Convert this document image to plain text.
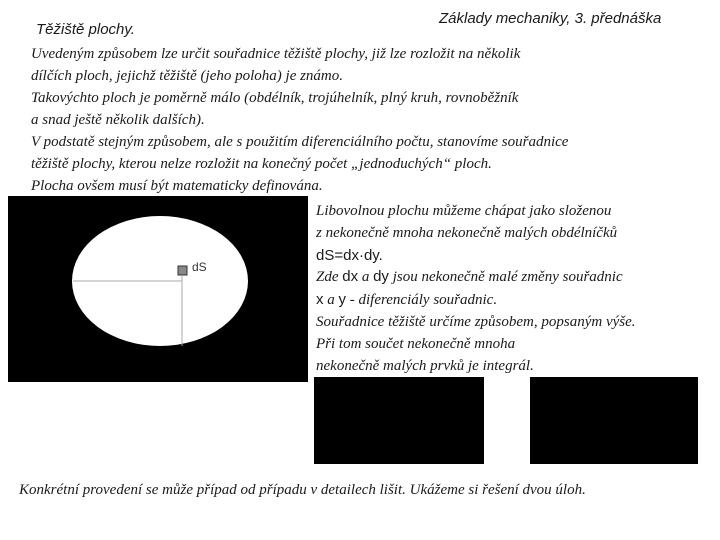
Základy mechaniky, 3. přednáška
Těžiště plochy.
Uvedeným způsobem lze určit souřadnice těžiště plochy, již lze rozložit na několik
dílčích ploch, jejichž těžiště (jeho poloha) je známo.
Takovýchto ploch je poměrně málo (obdélník, trojúhelník, plný kruh, rovnoběžník
a snad ještě několik dalších).
V podstatě stejným způsobem, ale s použitím diferenciálního počtu, stanovíme souřadnice
těžiště plochy, kterou nelze rozložit na konečný počet „jednoduchých“ ploch.
Plocha ovšem musí být matematicky definována.
dS
Libovolnou plochu můžeme chápat jako složenou
z nekonečně mnoha nekonečně malých obdélníčků
dS=dx·dy.
Zde dx a dy jsou nekonečně malé změny souřadnic
x a y - diferenciály souřadnic.
Souřadnice těžiště určíme způsobem, popsaným výše.
Při tom součet nekonečně mnoha
nekonečně malých prvků je integrál.
Konkrétní provedení se může případ od případu v detailech lišit. Ukážeme si řešení dvou úloh.
